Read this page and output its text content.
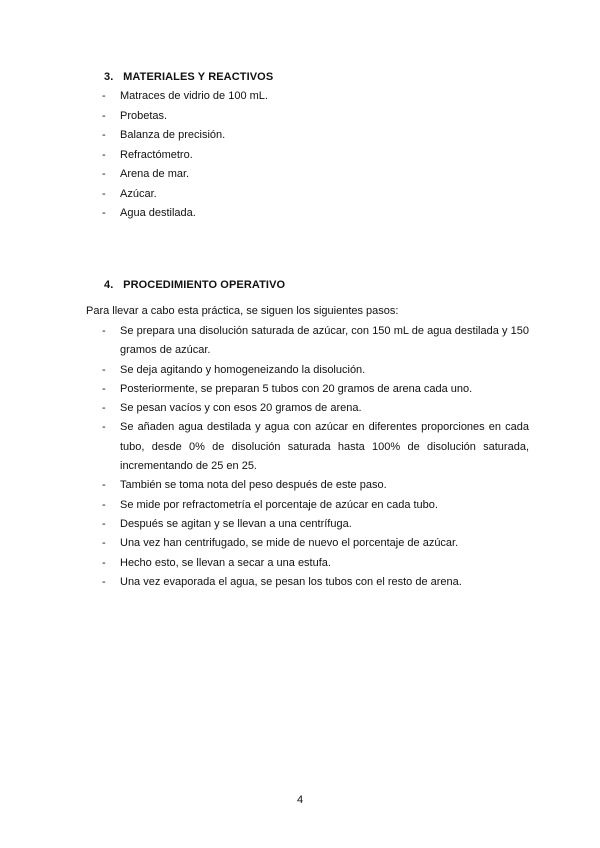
3. MATERIALES Y REACTIVOS
- Matraces de vidrio de 100 mL.
- Probetas.
- Balanza de precisión.
- Refractómetro.
- Arena de mar.
- Azúcar.
- Agua destilada.
4. PROCEDIMIENTO OPERATIVO
Para llevar a cabo esta práctica, se siguen los siguientes pasos:
- Se prepara una disolución saturada de azúcar, con 150 mL de agua destilada y 150 gramos de azúcar.
- Se deja agitando y homogeneizando la disolución.
- Posteriormente, se preparan 5 tubos con 20 gramos de arena cada uno.
- Se pesan vacíos y con esos 20 gramos de arena.
- Se añaden agua destilada y agua con azúcar en diferentes proporciones en cada tubo, desde 0% de disolución saturada hasta 100% de disolución saturada, incrementando de 25 en 25.
- También se toma nota del peso después de este paso.
- Se mide por refractometría el porcentaje de azúcar en cada tubo.
- Después se agitan y se llevan a una centrífuga.
- Una vez han centrifugado, se mide de nuevo el porcentaje de azúcar.
- Hecho esto, se llevan a secar a una estufa.
- Una vez evaporada el agua, se pesan los tubos con el resto de arena.
4
